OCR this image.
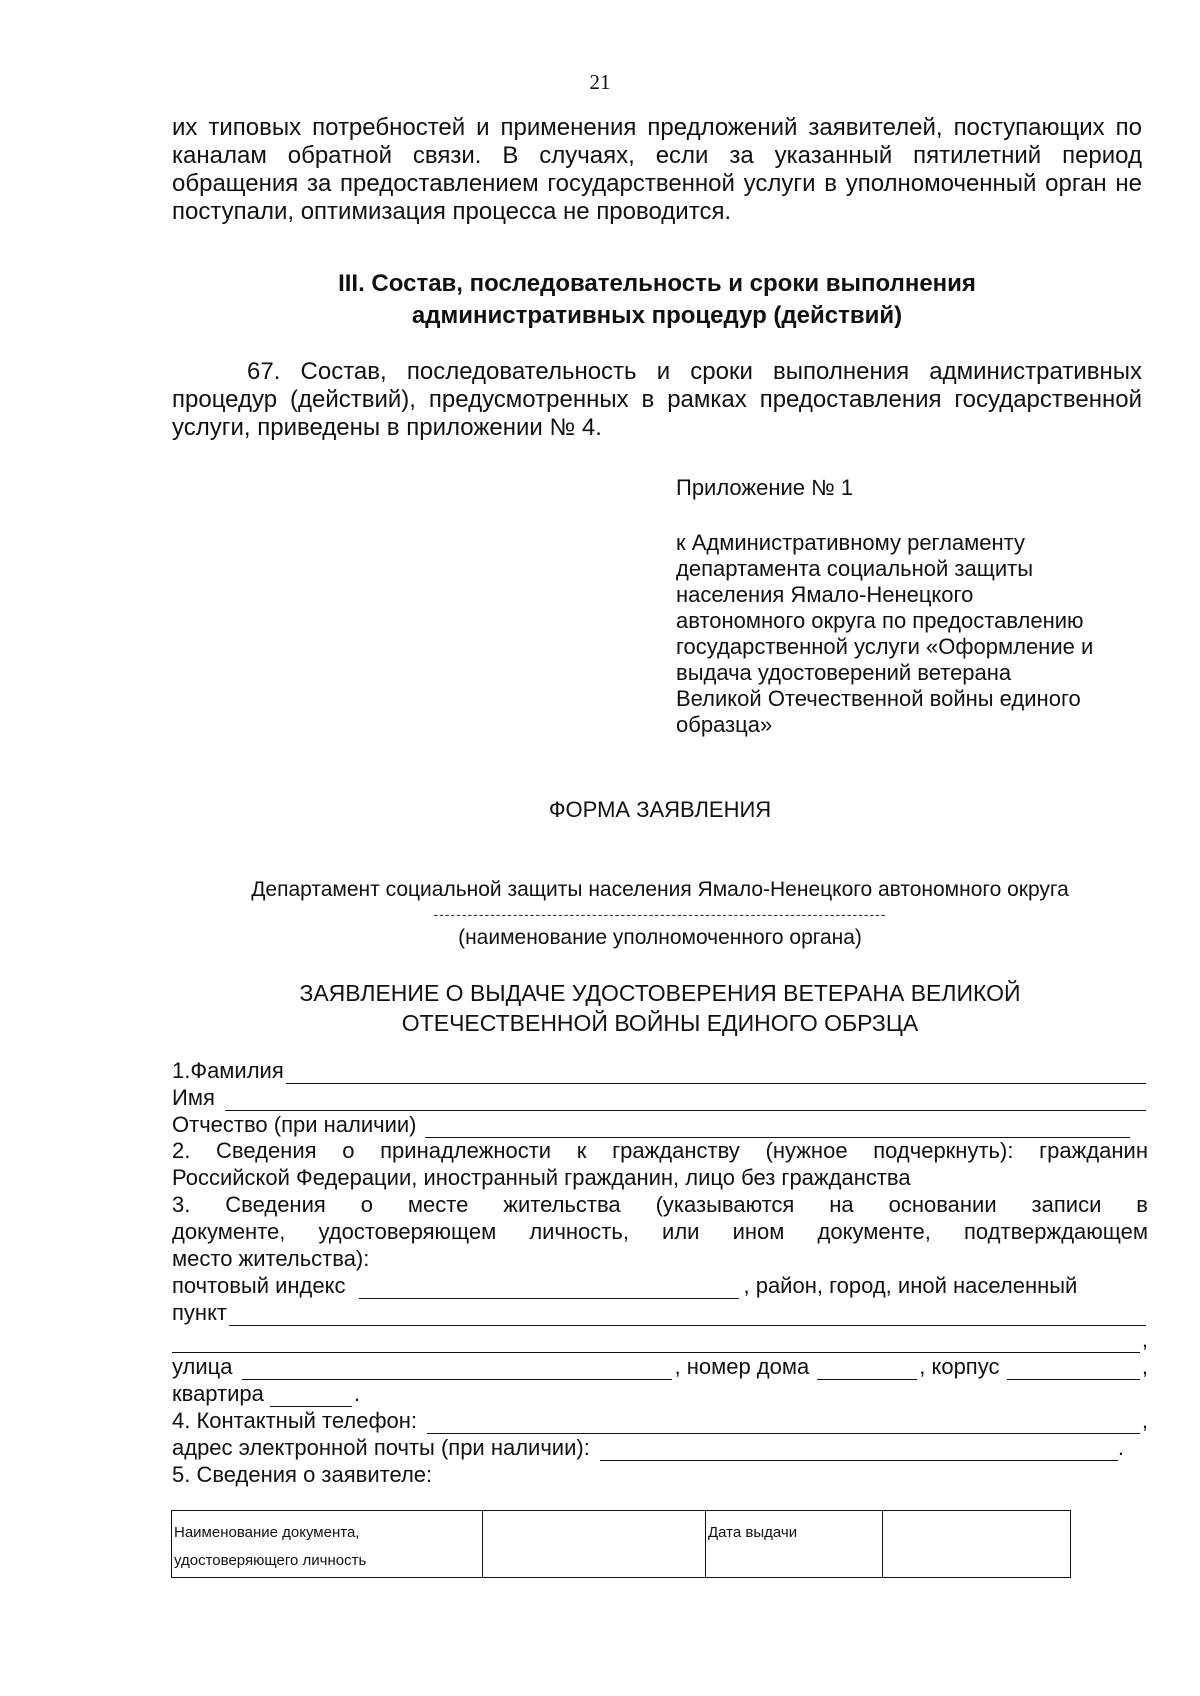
21

их типовых потребностей и применения предложений заявителей, поступающих по каналам обратной связи. В случаях, если за указанный пятилетний период обращения за предоставлением государственной услуги в уполномоченный орган не поступали, оптимизация процесса не проводится.

III. Состав, последовательность и сроки выполнения
административных процедур (действий)

67. Состав, последовательность и сроки выполнения административных процедур (действий), предусмотренных в рамках предоставления государственной услуги, приведены в приложении № 4.

Приложение № 1
к Административному регламенту
департамента социальной защиты
населения Ямало-Ненецкого
автономного округа по предоставлению
государственной услуги «Оформление и
выдача удостоверений ветерана
Великой Отечественной войны единого
образца»
ФОРМА ЗАЯВЛЕНИЯ
Департамент социальной защиты населения Ямало-Ненецкого автономного округа
--------------------------------------------------------------------------------
(наименование уполномоченного органа)
ЗАЯВЛЕНИЕ О ВЫДАЧЕ УДОСТОВЕРЕНИЯ ВЕТЕРАНА ВЕЛИКОЙ
ОТЕЧЕСТВЕННОЙ ВОЙНЫ ЕДИНОГО ОБРЗЦА
1.Фамилия
Имя
Отчество (при наличии)

2. Сведения о принадлежности к гражданству (нужное подчеркнуть): гражданин

Российской Федерации, иностранный гражданин, лицо без гражданства

3. Сведения о месте жительства (указываются на основании записи в

документе, удостоверяющем личность, или ином документе, подтверждающем

место жительства):

почтовый индекс	, район, город, иной населенный
пункт
,
улица	, номер дома	, корпус	,
квартира	.
4. Контактный телефон:	,
адрес электронной почты (при наличии):	.
5. Сведения о заявителе:
Наименование документа,
удостоверяющего личность
		Дата выдачи	
